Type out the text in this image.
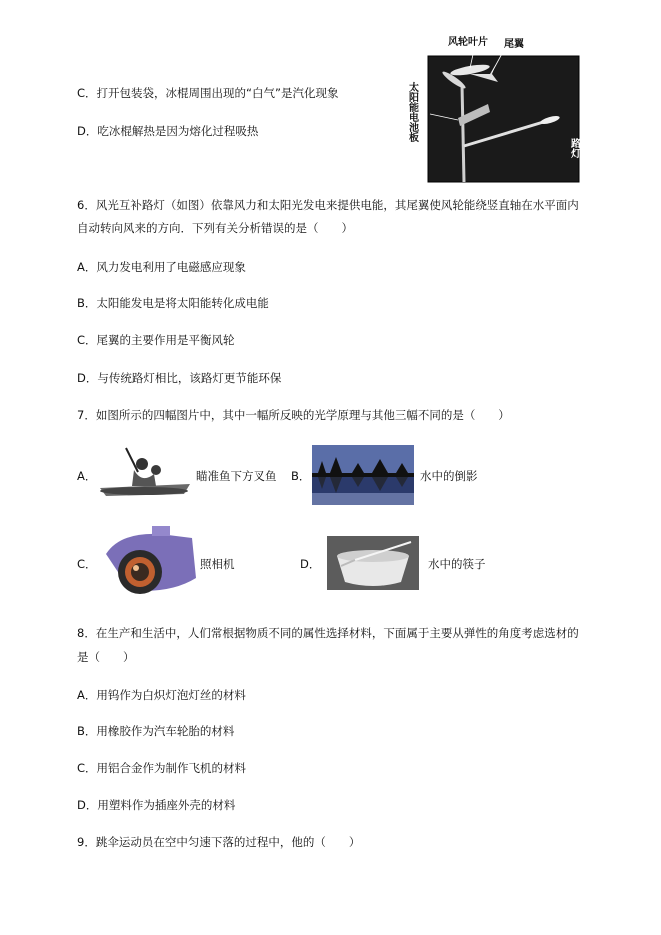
C．打开包装袋，冰棍周围出现的“白气”是汽化现象
D．吃冰棍解热是因为熔化过程吸热
风轮叶片 尾翼
太阳能电池板
路灯
6．风光互补路灯（如图）依靠风力和太阳光发电来提供电能，其尾翼使风轮能绕竖直轴在水平面内
自动转向风来的方向．下列有关分析错误的是（　　）
A．风力发电利用了电磁感应现象
B．太阳能发电是将太阳能转化成电能
C．尾翼的主要作用是平衡风轮
D．与传统路灯相比，该路灯更节能环保
7．如图所示的四幅图片中，其中一幅所反映的光学原理与其他三幅不同的是（　　）
A．	瞄准鱼下方叉鱼 B．	水中的倒影
C．	照相机	D．	水中的筷子
8．在生产和生活中，人们常根据物质不同的属性选择材料，下面属于主要从弹性的角度考虑选材的
是（　　）
A．用钨作为白炽灯泡灯丝的材料
B．用橡胶作为汽车轮胎的材料
C．用铝合金作为制作飞机的材料
D．用塑料作为插座外壳的材料
9．跳伞运动员在空中匀速下落的过程中，他的（　　）
